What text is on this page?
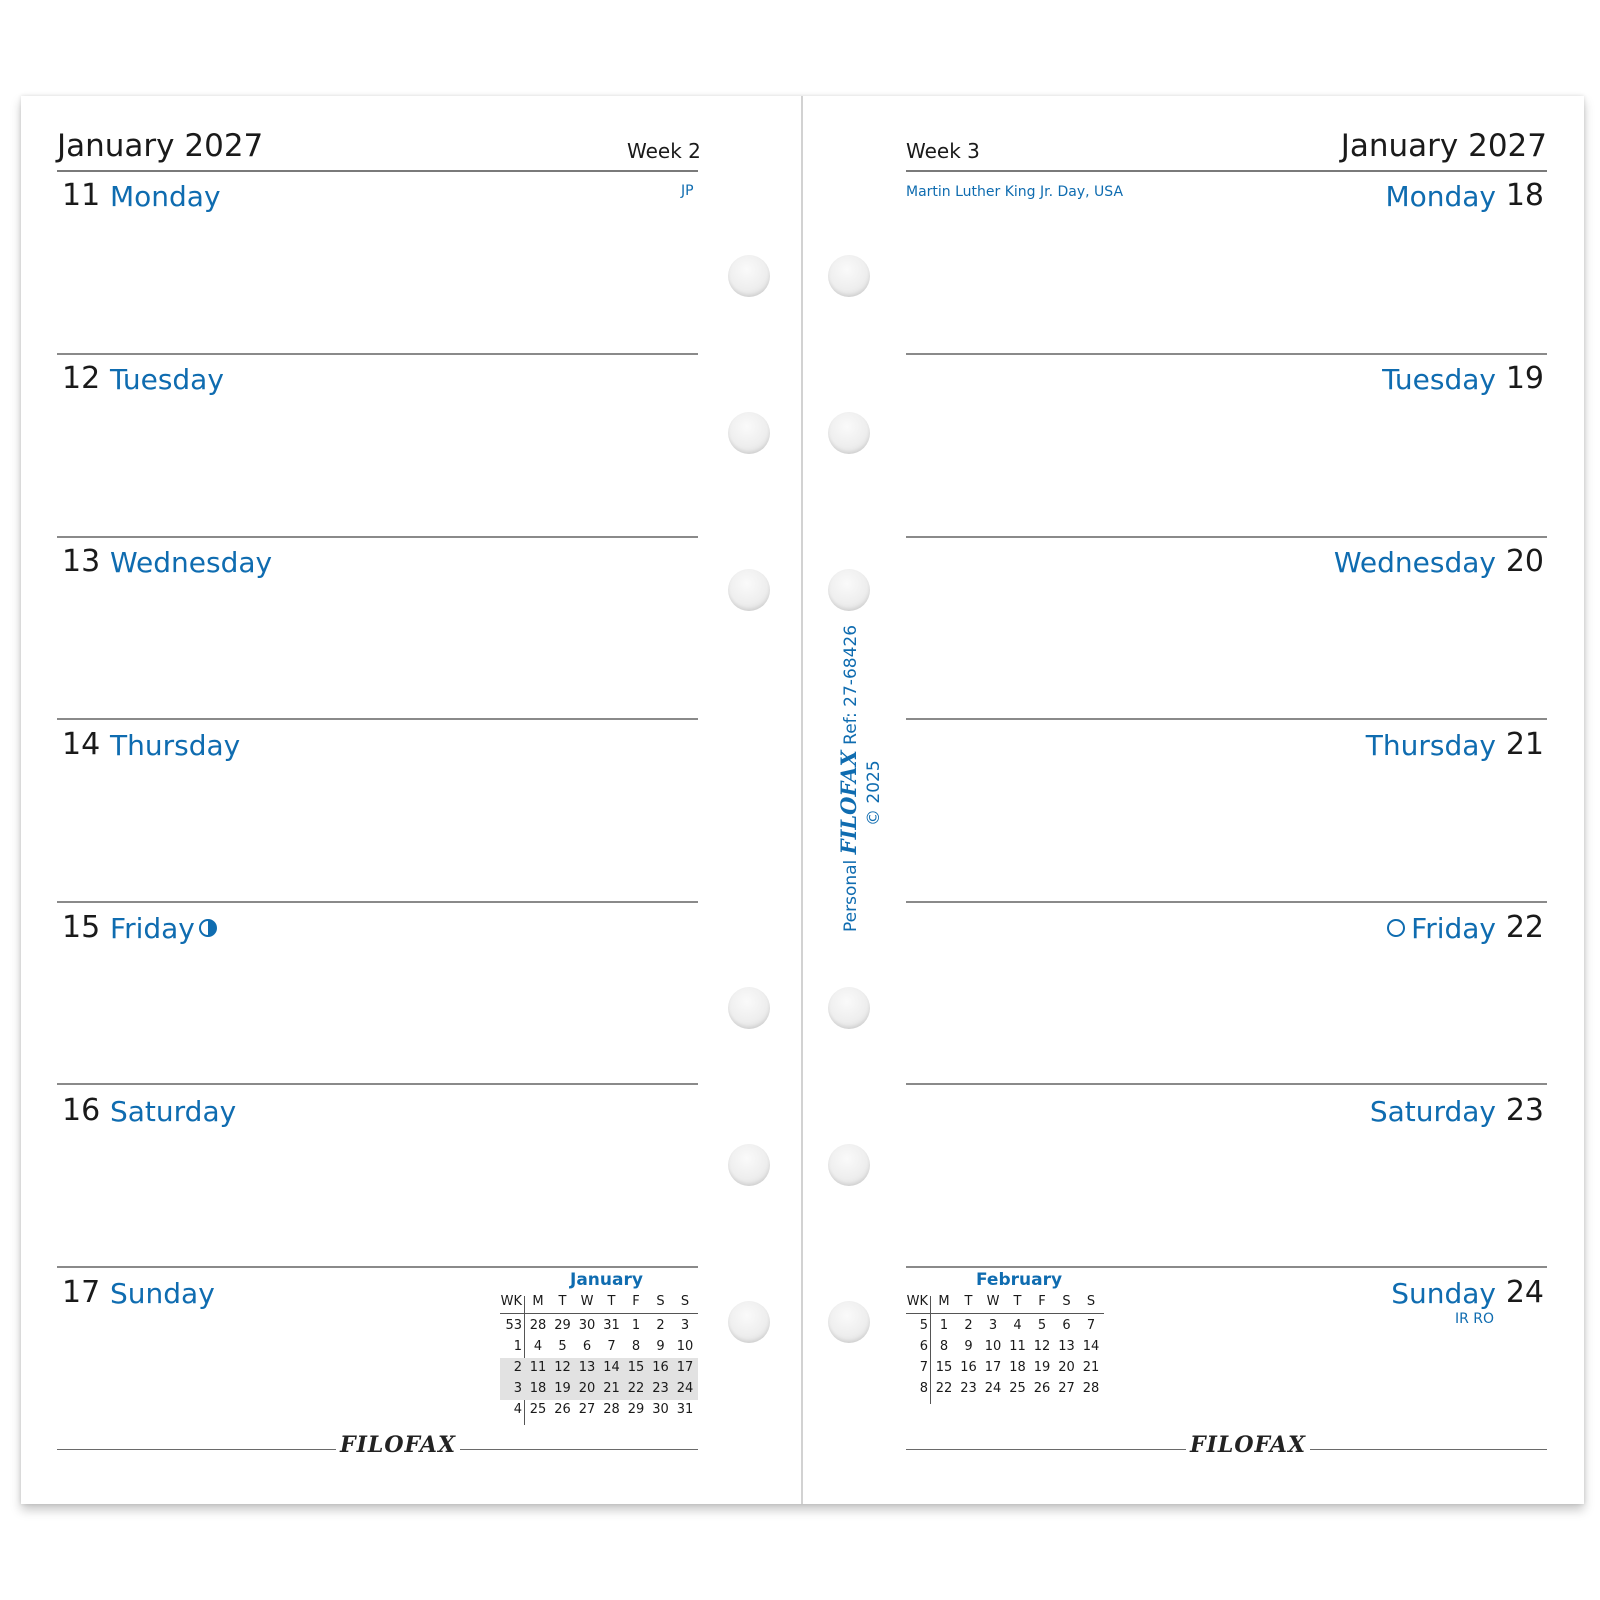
January 2027	Week 2	Week 3	January 2027
11 Monday	JP
12 Tuesday
13 Wednesday
14 Thursday
15 Friday
16 Saturday
17 Sunday
Martin Luther King Jr. Day, USA	Monday 18
Tuesday 19
Wednesday 20
Thursday 21
Friday 22
Saturday 23
Sunday 24
IR RO
Personal FILOFAX Ref: 27-68426
© 2025
January
WK M	T	W	T	F	S	S
53 28 29 30 31 1	2	3
1 4	5	6	7	8	9 10
2 11 12 13 14 15 16 17
3 18 19 20 21 22 23 24
4 25 26 27 28 29 30 31
February
WK M	T	W	T	F	S	S
5 1	2	3	4	5	6	7
6 8	9 10 11 12 13 14
7 15 16 17 18 19 20 21
8 22 23 24 25 26 27 28
FILOFAX	FILOFAX
